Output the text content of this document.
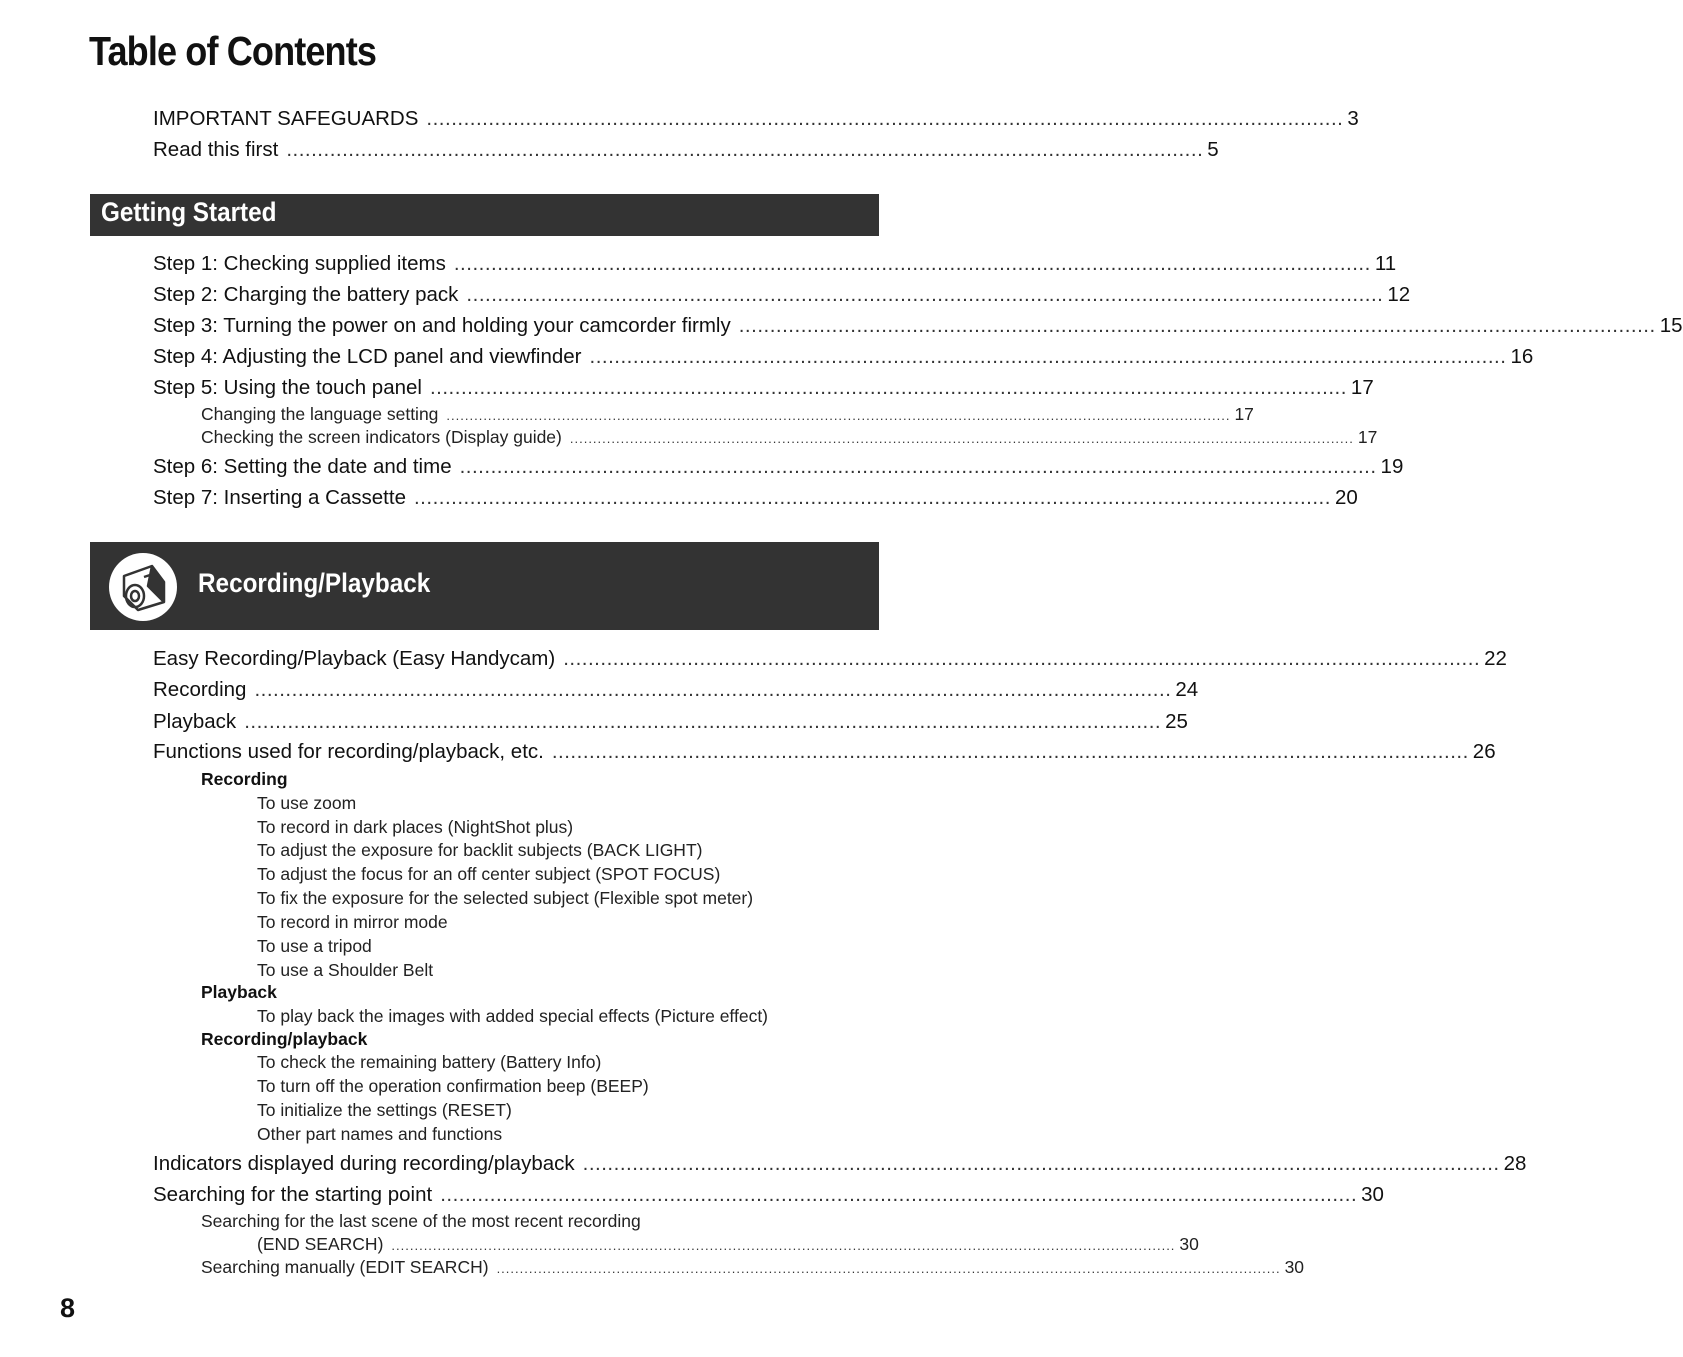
Table of Contents
IMPORTANT SAFEGUARDS .................................................................................................................................................... 3
Read this first .................................................................................................................................................... 5
Getting Started
Step 1: Checking supplied items .................................................................................................................................................... 11
Step 2: Charging the battery pack .................................................................................................................................................... 12
Step 3: Turning the power on and holding your camcorder firmly .................................................................................................................................................... 15
Step 4: Adjusting the LCD panel and viewfinder .................................................................................................................................................... 16
Step 5: Using the touch panel .................................................................................................................................................... 17
Changing the language setting .......................................................................................................................................................................... 17
Checking the screen indicators (Display guide) .......................................................................................................................................................................... 17
Step 6: Setting the date and time .................................................................................................................................................... 19
Step 7: Inserting a Cassette .................................................................................................................................................... 20
Recording/Playback
Easy Recording/Playback (Easy Handycam) .................................................................................................................................................... 22
Recording .................................................................................................................................................... 24
Playback .................................................................................................................................................... 25
Functions used for recording/playback, etc. .................................................................................................................................................... 26
Recording
To use zoom
To record in dark places (NightShot plus)
To adjust the exposure for backlit subjects (BACK LIGHT)
To adjust the focus for an off center subject (SPOT FOCUS)
To fix the exposure for the selected subject (Flexible spot meter)
To record in mirror mode
To use a tripod
To use a Shoulder Belt
Playback
To play back the images with added special effects (Picture effect)
Recording/playback
To check the remaining battery (Battery Info)
To turn off the operation confirmation beep (BEEP)
To initialize the settings (RESET)
Other part names and functions
Indicators displayed during recording/playback .................................................................................................................................................... 28
Searching for the starting point .................................................................................................................................................... 30
Searching for the last scene of the most recent recording
(END SEARCH) .......................................................................................................................................................................... 30
Searching manually (EDIT SEARCH) .......................................................................................................................................................................... 30
8
